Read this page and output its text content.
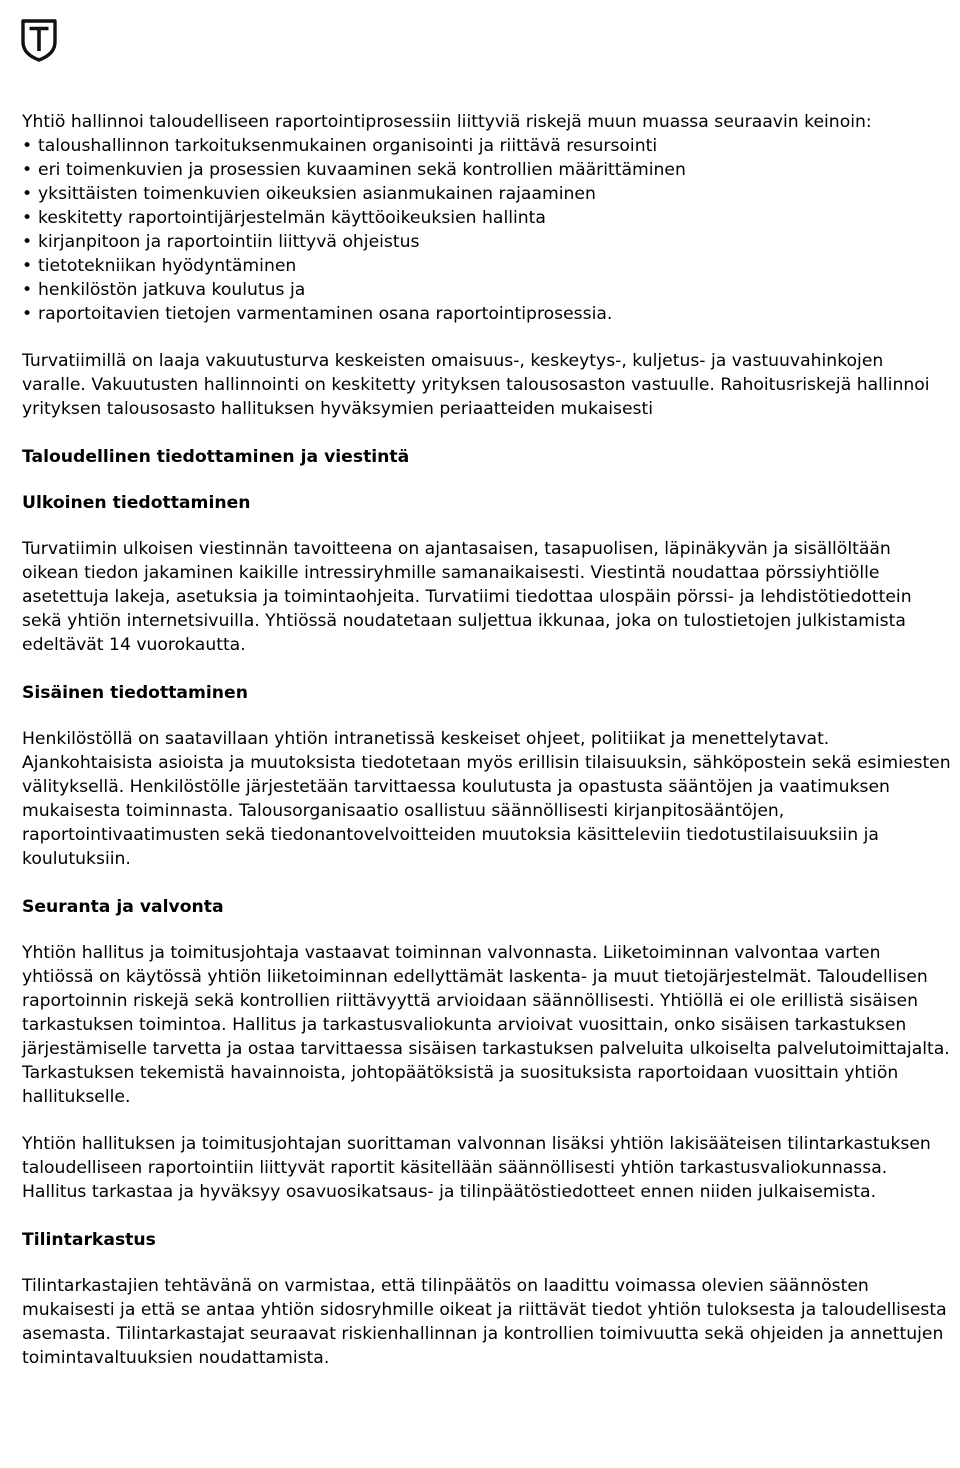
Yhtiö hallinnoi taloudelliseen raportointiprosessiin liittyviä riskejä muun muassa seuraavin keinoin:

• taloushallinnon tarkoituksenmukainen organisointi ja riittävä resursointi
• eri toimenkuvien ja prosessien kuvaaminen sekä kontrollien määrittäminen
• yksittäisten toimenkuvien oikeuksien asianmukainen rajaaminen
• keskitetty raportointijärjestelmän käyttöoikeuksien hallinta
• kirjanpitoon ja raportointiin liittyvä ohjeistus
• tietotekniikan hyödyntäminen
• henkilöstön jatkuva koulutus ja
• raportoitavien tietojen varmentaminen osana raportointiprosessia.

Turvatiimillä on laaja vakuutusturva keskeisten omaisuus-, keskeytys-, kuljetus- ja vastuuvahinkojen varalle. Vakuutusten hallinnointi on keskitetty yrityksen talousosaston vastuulle. Rahoitusriskejä hallinnoi yrityksen talousosasto hallituksen hyväksymien periaatteiden mukaisesti

Taloudellinen tiedottaminen ja viestintä
Ulkoinen tiedottaminen

Turvatiimin ulkoisen viestinnän tavoitteena on ajantasaisen, tasapuolisen, läpinäkyvän ja sisällöltään oikean tiedon jakaminen kaikille intressiryhmille samanaikaisesti. Viestintä noudattaa pörssiyhtiölle asetettuja lakeja, asetuksia ja toimintaohjeita. Turvatiimi tiedottaa ulospäin pörssi- ja lehdistötiedottein sekä yhtiön internetsivuilla. Yhtiössä noudatetaan suljettua ikkunaa, joka on tulostietojen julkistamista edeltävät 14 vuorokautta.

Sisäinen tiedottaminen

Henkilöstöllä on saatavillaan yhtiön intranetissä keskeiset ohjeet, politiikat ja menettelytavat. Ajankohtaisista asioista ja muutoksista tiedotetaan myös erillisin tilaisuuksin, sähköpostein sekä esimiesten välityksellä. Henkilöstölle järjestetään tarvittaessa koulutusta ja opastusta sääntöjen ja vaatimuksen mukaisesta toiminnasta. Talousorganisaatio osallistuu säännöllisesti kirjanpitosääntöjen, raportointivaatimusten sekä tiedonantovelvoitteiden muutoksia käsitteleviin tiedotustilaisuuksiin ja koulutuksiin.

Seuranta ja valvonta

Yhtiön hallitus ja toimitusjohtaja vastaavat toiminnan valvonnasta. Liiketoiminnan valvontaa varten yhtiössä on käytössä yhtiön liiketoiminnan edellyttämät laskenta- ja muut tietojärjestelmät. Taloudellisen raportoinnin riskejä sekä kontrollien riittävyyttä arvioidaan säännöllisesti. Yhtiöllä ei ole erillistä sisäisen tarkastuksen toimintoa. Hallitus ja tarkastusvaliokunta arvioivat vuosittain, onko sisäisen tarkastuksen järjestämiselle tarvetta ja ostaa tarvittaessa sisäisen tarkastuksen palveluita ulkoiselta palvelutoimittajalta. Tarkastuksen tekemistä havainnoista, johtopäätöksistä ja suosituksista raportoidaan vuosittain yhtiön hallitukselle.

Yhtiön hallituksen ja toimitusjohtajan suorittaman valvonnan lisäksi yhtiön lakisääteisen tilintarkastuksen taloudelliseen raportointiin liittyvät raportit käsitellään säännöllisesti yhtiön tarkastusvaliokunnassa. Hallitus tarkastaa ja hyväksyy osavuosikatsaus- ja tilinpäätöstiedotteet ennen niiden julkaisemista.

Tilintarkastus

Tilintarkastajien tehtävänä on varmistaa, että tilinpäätös on laadittu voimassa olevien säännösten mukaisesti ja että se antaa yhtiön sidosryhmille oikeat ja riittävät tiedot yhtiön tuloksesta ja taloudellisesta asemasta. Tilintarkastajat seuraavat riskienhallinnan ja kontrollien toimivuutta sekä ohjeiden ja annettujen toimintavaltuuksien noudattamista.
